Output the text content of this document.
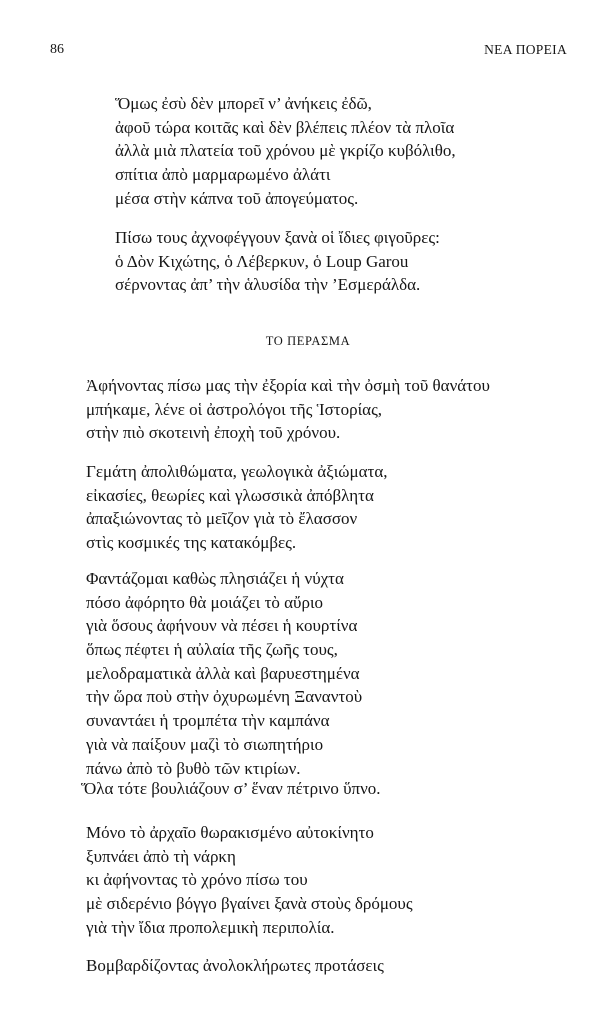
86	ΝΕΑ ΠΟΡΕΙΑ
Ὅμως ἐσὺ δὲν μπορεῖ ν’ ἀνήκεις ἐδῶ,
ἀφοῦ τώρα κοιτᾶς καὶ δὲν βλέπεις πλέον τὰ πλοῖα
ἀλλὰ μιὰ πλατεία τοῦ χρόνου μὲ γκρίζο κυβόλιθο,
σπίτια ἀπὸ μαρμαρωμένο ἀλάτι
μέσα στὴν κάπνα τοῦ ἀπογεύματος.
Πίσω τους ἀχνοφέγγουν ξανὰ οἱ ἴδιες φιγοῦρες:
ὁ Δὸν Κιχώτης, ὁ Λέβερκυν, ὁ Loup Garou
σέρνοντας ἀπ’ τὴν ἁλυσίδα τὴν ’Εσμεράλδα.
ΤΟ ΠΕΡΑΣΜΑ
Ἀφήνοντας πίσω μας τὴν ἐξορία καὶ τὴν ὀσμὴ τοῦ θανάτου
μπήκαμε, λένε οἱ ἀστρολόγοι τῆς Ἱστορίας,
στὴν πιὸ σκοτεινὴ ἐποχὴ τοῦ χρόνου.
Γεμάτη ἀπολιθώματα, γεωλογικὰ ἀξιώματα,
εἰκασίες, θεωρίες καὶ γλωσσικὰ ἀπόβλητα
ἀπαξιώνοντας τὸ μεῖζον γιὰ τὸ ἔλασσον
στὶς κοσμικές της κατακόμβες.
Φαντάζομαι καθὼς πλησιάζει ἡ νύχτα
πόσο ἀφόρητο θὰ μοιάζει τὸ αὔριο
γιὰ ὅσους ἀφήνουν νὰ πέσει ἡ κουρτίνα
ὅπως πέφτει ἡ αὐλαία τῆς ζωῆς τους,
μελοδραματικὰ ἀλλὰ καὶ βαρυεστημένα
τὴν ὥρα ποὺ στὴν ὀχυρωμένη Ξαναντοὺ
συναντάει ἡ τρομπέτα τὴν καμπάνα
γιὰ νὰ παίξουν μαζὶ τὸ σιωπητήριο
πάνω ἀπὸ τὸ βυθὸ τῶν κτιρίων.
Ὅλα τότε βουλιάζουν σ’ ἕναν πέτρινο ὕπνο.
Μόνο τὸ ἀρχαῖο θωρακισμένο αὐτοκίνητο
ξυπνάει ἀπὸ τὴ νάρκη
κι ἀφήνοντας τὸ χρόνο πίσω του
μὲ σιδερένιο βόγγο βγαίνει ξανὰ στοὺς δρόμους
γιὰ τὴν ἴδια προπολεμικὴ περιπολία.
Βομβαρδίζοντας ἀνολοκλήρωτες προτάσεις
